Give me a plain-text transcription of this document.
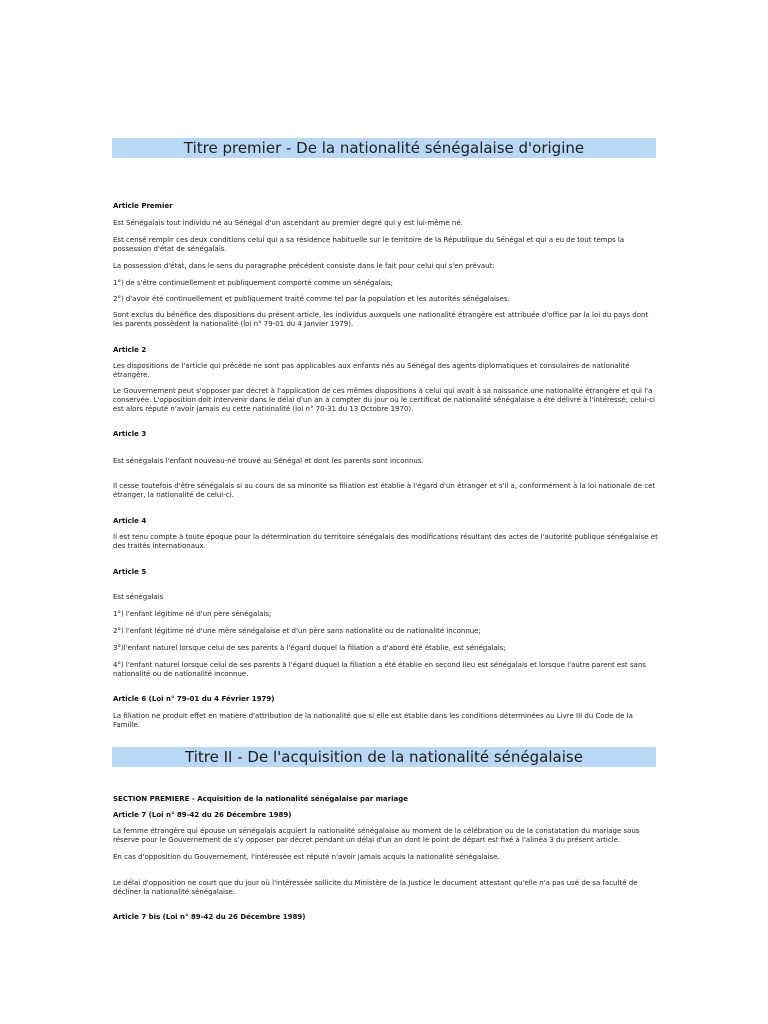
Titre premier - De la nationalité sénégalaise d'origine
Article Premier
Est Sénégalais tout individu né au Sénégal d'un ascendant au premier degré qui y est lui-même né.
Est censé remplir ces deux conditions celui qui a sa résidence habituelle sur le territoire de la République du Sénégal et qui a eu de tout temps la possession d'état de sénégalais.
La possession d'état, dans le sens du paragraphe précédent consiste dans le fait pour celui qui s'en prévaut:
1°) de s'être continuellement et publiquement comporté comme un sénégalais;
2°) d'avoir été continuellement et publiquement traité comme tel par la population et les autorités sénégalaises.
Sont exclus du bénéfice des dispositions du présent article, les individus auxquels une nationalité étrangère est attribuée d'office par la loi du pays dont les parents possèdent la nationalité (loi n° 79-01 du 4 Janvier 1979).
Article 2
Les dispositions de l'article qui précède ne sont pas applicables aux enfants nés au Sénégal des agents diplomatiques et consulaires de nationalité étrangère.
Le Gouvernement peut s'opposer par décret à l'application de ces mêmes dispositions à celui qui avait à sa naissance une nationalité étrangère et qui l'a conservée. L'opposition doit intervenir dans le délai d'un an à compter du jour où le certificat de nationalité sénégalaise a été délivré à l'intéressé; celui-ci est alors réputé n'avoir jamais eu cette nationalité (loi n° 70-31 du 13 Octobre 1970).
Article 3
Est sénégalais l'enfant nouveau-né trouvé au Sénégal et dont les parents sont inconnus.
Il cesse toutefois d'être sénégalais si au cours de sa minorité sa filiation est établie à l'égard d'un étranger et s'il a, conformément à la loi nationale de cet étranger, la nationalité de celui-ci.
Article 4
Il est tenu compte à toute époque pour la détermination du territoire sénégalais des modifications résultant des actes de l'autorité publique sénégalaise et des traités internationaux.
Article 5
Est sénégalais
1°) l'enfant légitime né d'un père sénégalais;
2°) l'enfant légitime né d'une mère sénégalaise et d'un père sans nationalité ou de nationalité inconnue;
3°)l'enfant naturel lorsque celui de ses parents à l'égard duquel la filiation a d'abord été établie, est sénégalais;
4°) l'enfant naturel lorsque celui de ses parents à l'égard duquel la filiation a été établie en second lieu est sénégalais et lorsque l'autre parent est sans nationalité ou de nationalité inconnue.
Article 6 (Loi n° 79-01 du 4 Février 1979)
La filiation ne produit effet en matière d'attribution de la nationalité que si elle est établie dans les conditions déterminées au Livre III du Code de la Famille.
Titre II - De l'acquisition de la nationalité sénégalaise
SECTION PREMIERE - Acquisition de la nationalité sénégalaise par mariage
Article 7 (Loi n° 89-42 du 26 Décembre 1989)
La femme étrangère qui épouse un sénégalais acquiert la nationalité sénégalaise au moment de la célébration ou de la constatation du mariage sous réserve pour le Gouvernement de s'y opposer par décret pendant un délai d'un an dont le point de départ est fixé à l'alinéa 3 du présent article.
En cas d'opposition du Gouvernement, l'intéressée est réputé n'avoir jamais acquis la nationalité sénégalaise.
Le délai d'opposition ne court que du jour où l'intéressée sollicite du Ministère de la Justice le document attestant qu'elle n'a pas usé de sa faculté de décliner la nationalité sénégalaise.
Article 7 bis (Loi n° 89-42 du 26 Décembre 1989)
